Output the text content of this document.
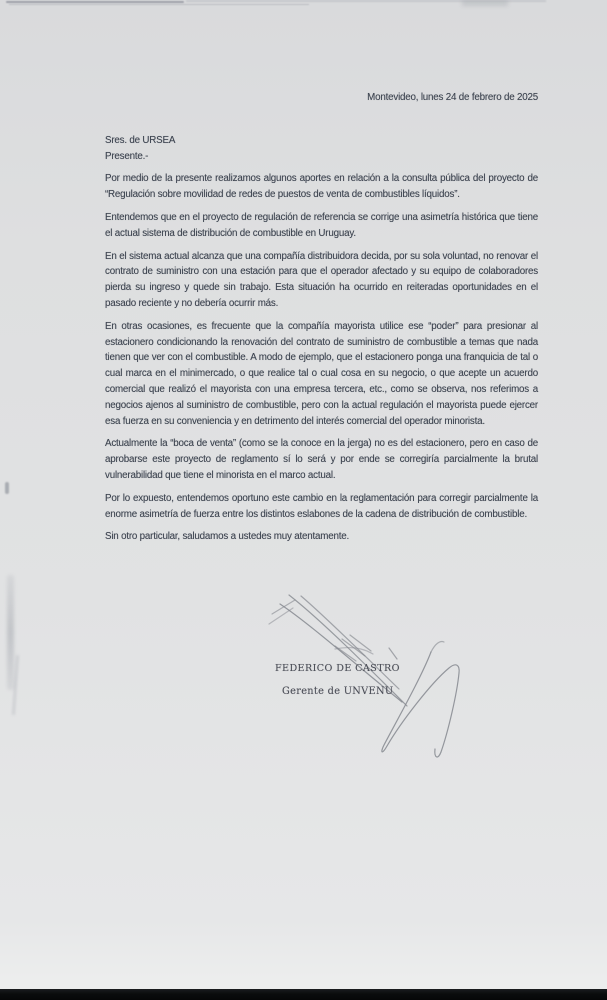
Montevideo, lunes 24 de febrero de 2025
Sres. de URSEA
Presente.-

Por medio de la presente realizamos algunos aportes en relación a la consulta pública del proyecto de “Regulación sobre movilidad de redes de puestos de venta de combustibles líquidos”.

Entendemos que en el proyecto de regulación de referencia se corrige una asimetría histórica que tiene el actual sistema de distribución de combustible en Uruguay.

En el sistema actual alcanza que una compañía distribuidora decida, por su sola voluntad, no renovar el contrato de suministro con una estación para que el operador afectado y su equipo de colaboradores pierda su ingreso y quede sin trabajo. Esta situación ha ocurrido en reiteradas oportunidades en el pasado reciente y no debería ocurrir más.

En otras ocasiones, es frecuente que la compañía mayorista utilice ese “poder” para presionar al estacionero condicionando la renovación del contrato de suministro de combustible a temas que nada tienen que ver con el combustible. A modo de ejemplo, que el estacionero ponga una franquicia de tal o cual marca en el minimercado, o que realice tal o cual cosa en su negocio, o que acepte un acuerdo comercial que realizó el mayorista con una empresa tercera, etc., como se observa, nos referimos a negocios ajenos al suministro de combustible, pero con la actual regulación el mayorista puede ejercer esa fuerza en su conveniencia y en detrimento del interés comercial del operador minorista.

Actualmente la “boca de venta” (como se la conoce en la jerga) no es del estacionero, pero en caso de aprobarse este proyecto de reglamento sí lo será y por ende se corregiría parcialmente la brutal vulnerabilidad que tiene el minorista en el marco actual.

Por lo expuesto, entendemos oportuno este cambio en la reglamentación para corregir parcialmente la enorme asimetría de fuerza entre los distintos eslabones de la cadena de distribución de combustible.

Sin otro particular, saludamos a ustedes muy atentamente.

FEDERICO DE CASTRO
Gerente de UNVENU
